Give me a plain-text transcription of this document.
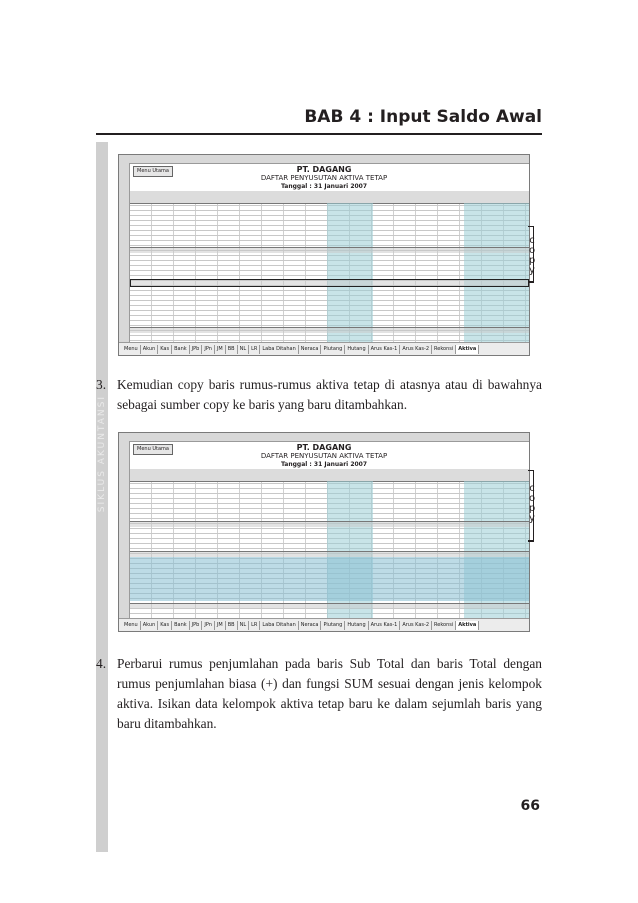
BAB 4 : Input Saldo Awal
SIKLUS AKUNTANSI
Menu Utama	PT. DAGANG
DAFTAR PENYUSUTAN AKTIVA TETAP
Tanggal : 31 Januari 2007
Menu Akun Kas Bank JPb JPn JM BB NL LR Laba Ditahan Neraca Piutang Hutang Arus Kas-1 Arus Kas-2 Rekonsi Aktiva
c
o
p
y
3. Kemudian copy baris rumus-rumus aktiva tetap di atasnya atau di bawahnya sebagai sumber copy ke baris yang baru ditambahkan.
Menu Utama	PT. DAGANG
DAFTAR PENYUSUTAN AKTIVA TETAP
Tanggal : 31 Januari 2007
Menu Akun Kas Bank JPb JPn JM BB NL LR Laba Ditahan Neraca Piutang Hutang Arus Kas-1 Arus Kas-2 Rekonsi Aktiva
c
o
p
y
4. Perbarui rumus penjumlahan pada baris Sub Total dan baris Total dengan rumus penjumlahan biasa (+) dan fungsi SUM sesuai dengan jenis kelompok aktiva. Isikan data kelompok aktiva tetap baru ke dalam sejumlah baris yang baru ditambahkan.
66
